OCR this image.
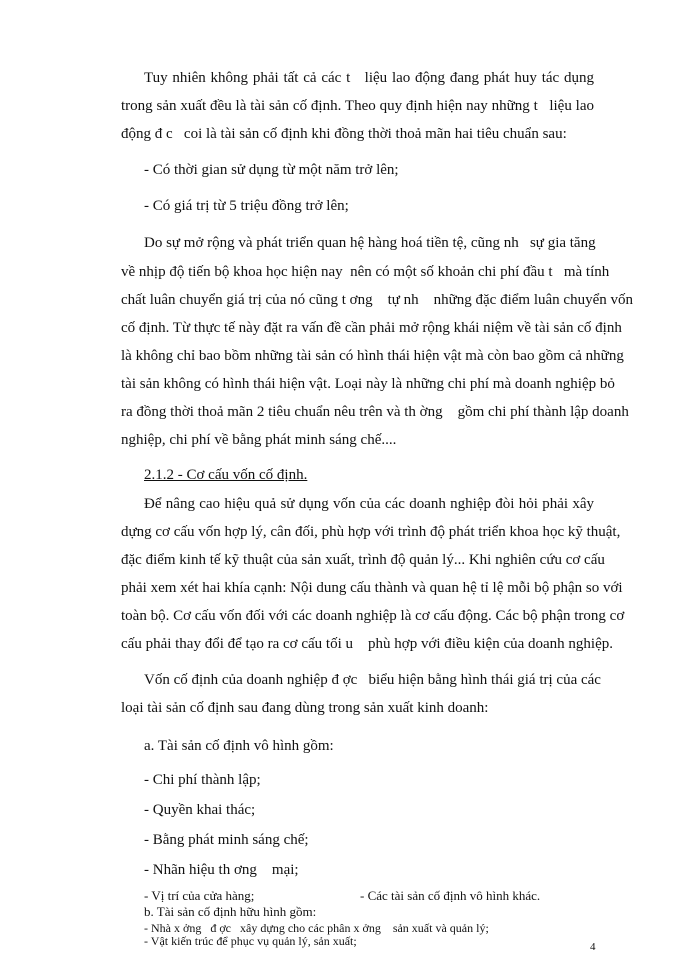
Tuy nhiên không phải tất cả các t   liệu lao động đang phát huy tác dụng
trong sản xuất đều là tài sản cố định. Theo quy định hiện nay những t   liệu lao
động đ c   coi là tài sản cố định khi đồng thời thoả mãn hai tiêu chuẩn sau:
- Có thời gian sử dụng từ một năm trở lên;
- Có giá trị từ 5 triệu đồng trở lên;
Do sự mở rộng và phát triển quan hệ hàng hoá tiền tệ, cũng nh   sự gia tăng
về nhịp độ tiến bộ khoa học hiện nay  nên có một số khoản chi phí đầu t   mà tính
chất luân chuyển giá trị của nó cũng t ơng    tự nh    những đặc điểm luân chuyển vốn
cố định. Từ thực tế này đặt ra vấn đề cần phải mở rộng khái niệm về tài sản cố định
là không chỉ bao bồm những tài sản có hình thái hiện vật mà còn bao gồm cả những
tài sản không có hình thái hiện vật. Loại này là những chi phí mà doanh nghiệp bỏ
ra đồng thời thoả mãn 2 tiêu chuẩn nêu trên và th ờng    gồm chi phí thành lập doanh
nghiệp, chi phí về bằng phát minh sáng chế....
2.1.2 - Cơ cấu vốn cố định.
Để nâng cao hiệu quả sử dụng vốn của các doanh nghiệp đòi hỏi phải xây
dựng cơ cấu vốn hợp lý, cân đối, phù hợp với trình độ phát triển khoa học kỹ thuật,
đặc điểm kinh tế kỹ thuật của sản xuất, trình độ quản lý... Khi nghiên cứu cơ cấu
phải xem xét hai khía cạnh: Nội dung cấu thành và quan hệ tỉ lệ mỗi bộ phận so với
toàn bộ. Cơ cấu vốn đối với các doanh nghiệp là cơ cấu động. Các bộ phận trong cơ
cấu phải thay đổi để tạo ra cơ cấu tối u    phù hợp với điều kiện của doanh nghiệp.
Vốn cố định của doanh nghiệp đ ợc   biểu hiện bằng hình thái giá trị của các
loại tài sản cố định sau đang dùng trong sản xuất kinh doanh:
a. Tài sản cố định vô hình gồm:
- Chi phí thành lập;
- Quyền khai thác;
- Bằng phát minh sáng chế;
- Nhãn hiệu th ơng    mại;
- Vị trí của cửa hàng;	- Các tài sản cố định vô hình khác.
b. Tài sản cố định hữu hình gồm:
- Nhà x ởng   đ ợc   xây dựng cho các phân x ởng    sản xuất và quản lý;
- Vật kiến trúc để phục vụ quản lý, sản xuất;	4
